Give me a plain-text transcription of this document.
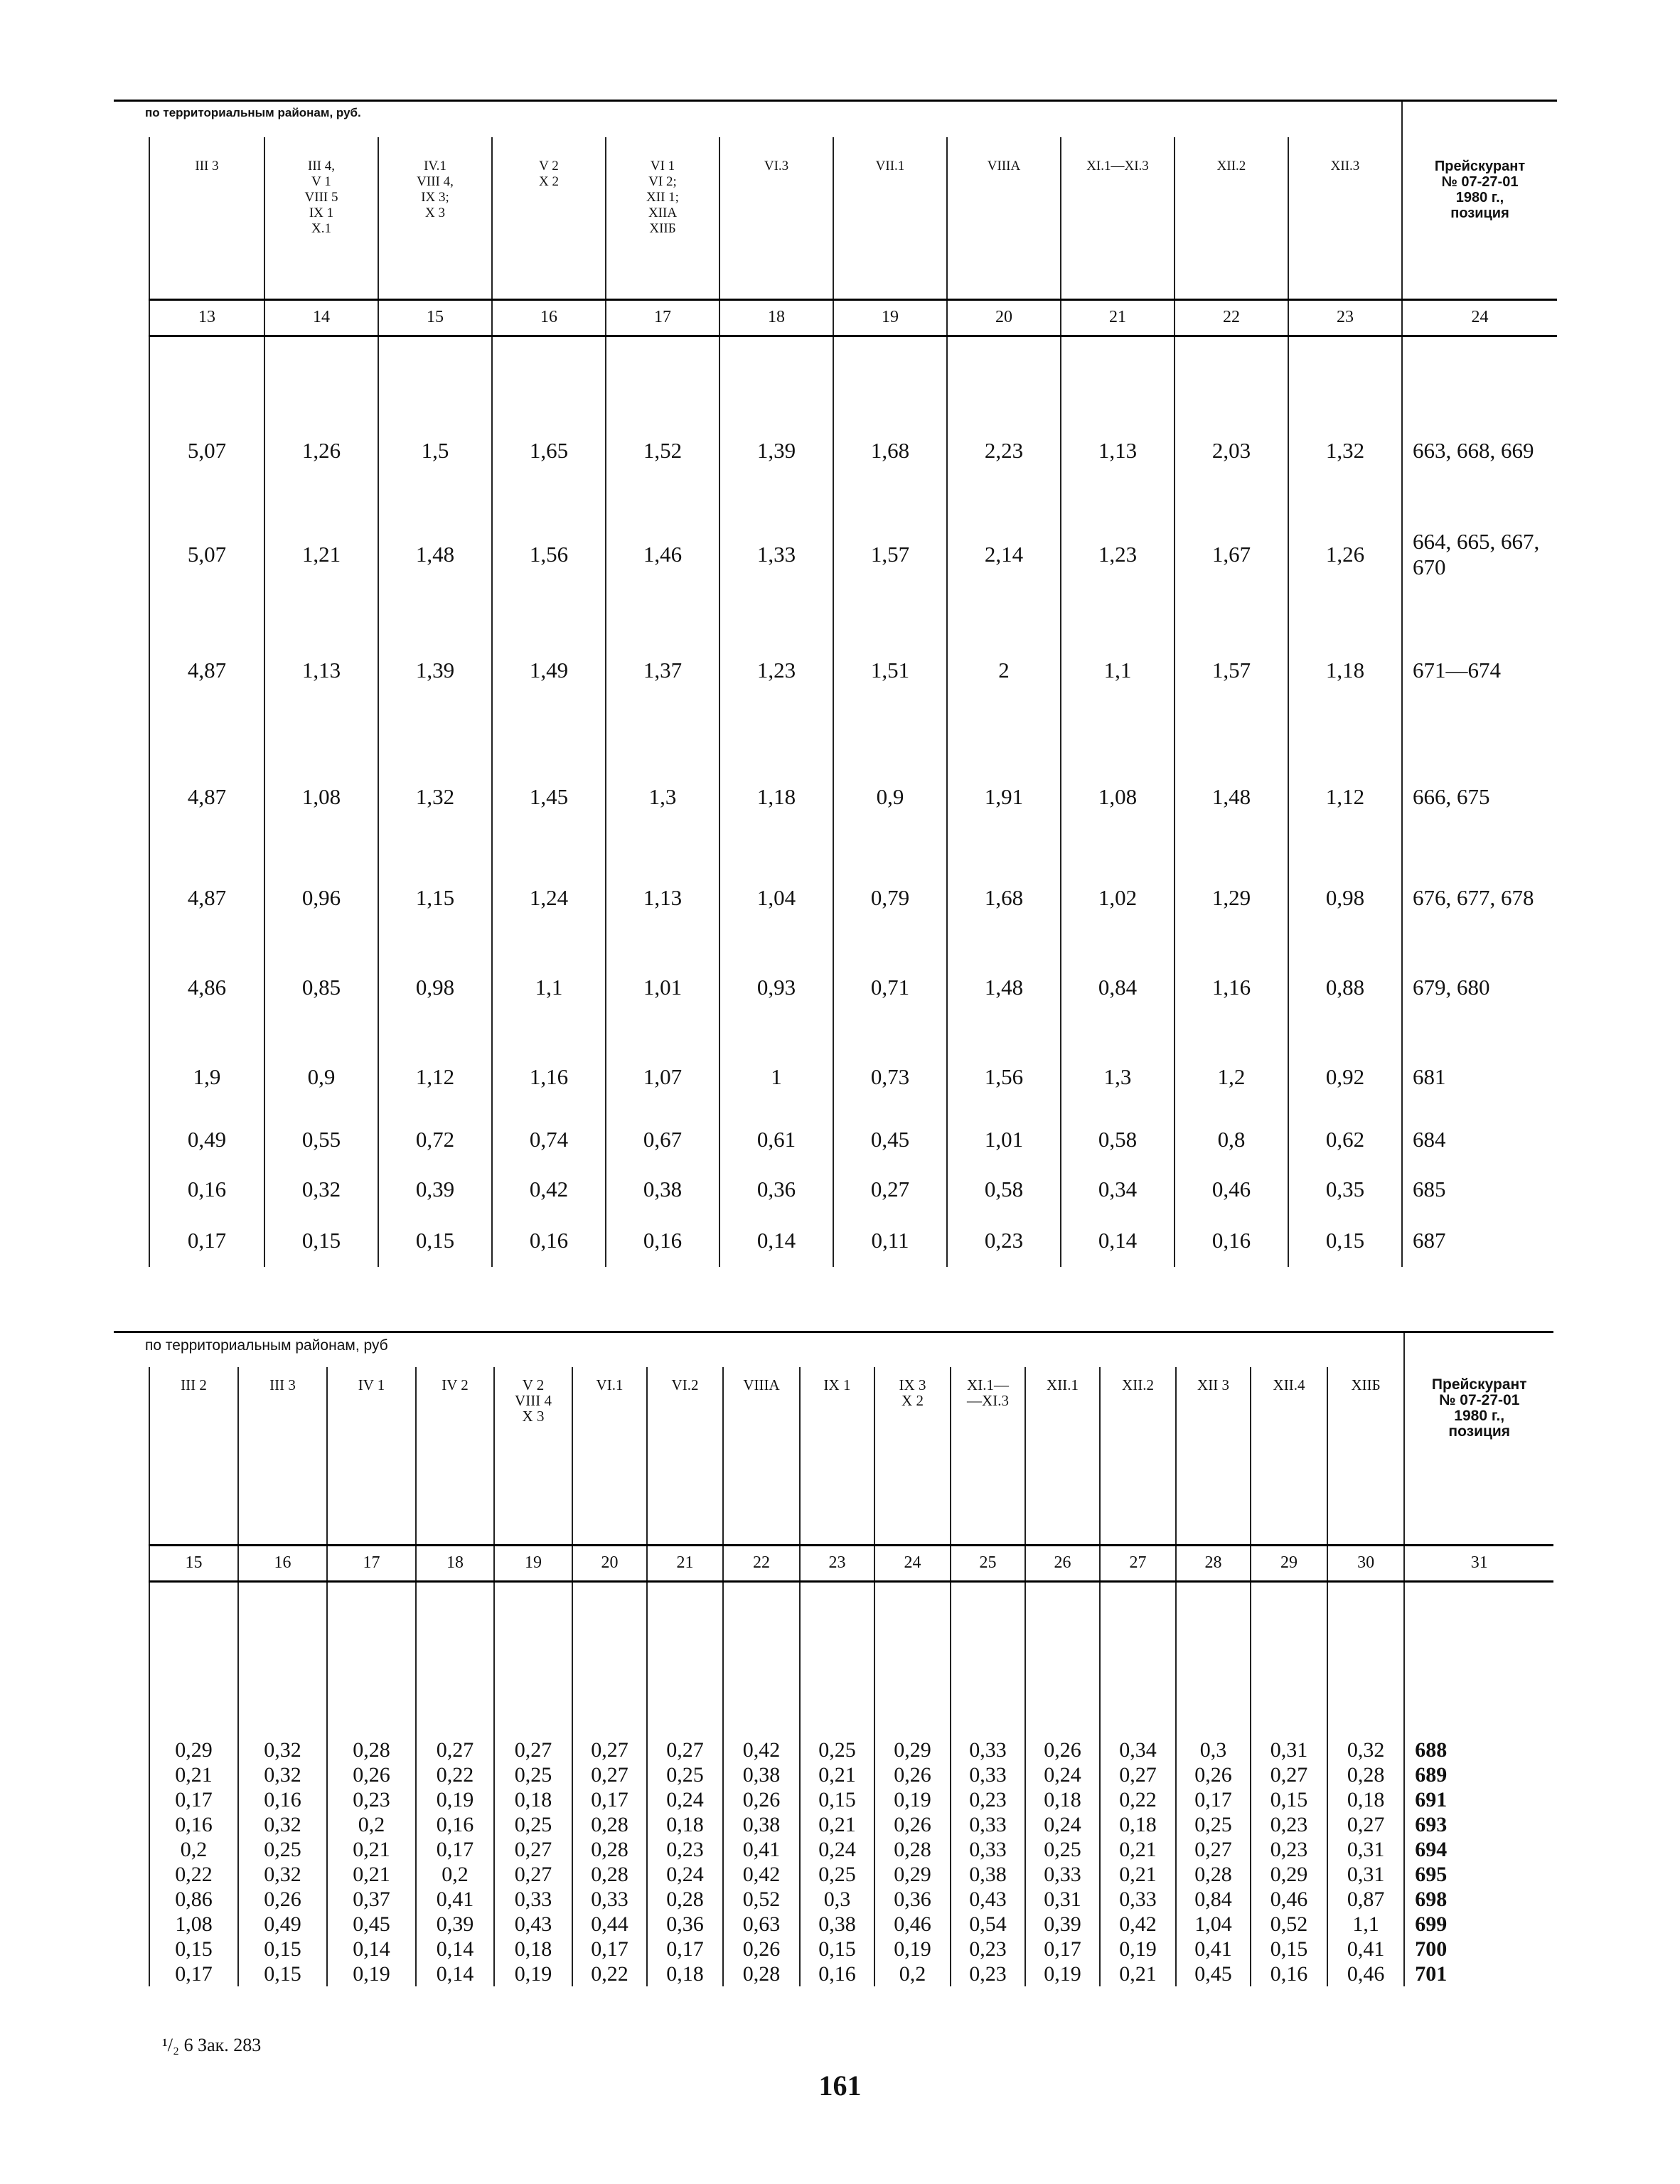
по территориальным районам, руб.												
	III 3	III 4,
V 1
VIII 5
IX 1
X.1	IV.1
VIII 4,
IX 3;
X 3	V 2
X 2	VI 1
VI 2;
XII 1;
XIIA
XIIБ	VI.3	VII.1	VIIIA	XI.1—XI.3	XII.2	XII.3	Прейскурант
№ 07-27-01
1980 г.,
позиция
	13	14	15	16	17	18	19	20	21	22	23	24

	5,07	1,26	1,5	1,65	1,52	1,39	1,68	2,23	1,13	2,03	1,32	663, 668, 669
	5,07	1,21	1,48	1,56	1,46	1,33	1,57	2,14	1,23	1,67	1,26	664, 665, 667, 670
	4,87	1,13	1,39	1,49	1,37	1,23	1,51	2	1,1	1,57	1,18	671—674
	4,87	1,08	1,32	1,45	1,3	1,18	0,9	1,91	1,08	1,48	1,12	666, 675
	4,87	0,96	1,15	1,24	1,13	1,04	0,79	1,68	1,02	1,29	0,98	676, 677, 678
	4,86	0,85	0,98	1,1	1,01	0,93	0,71	1,48	0,84	1,16	0,88	679, 680
	1,9	0,9	1,12	1,16	1,07	1	0,73	1,56	1,3	1,2	0,92	681
	0,49	0,55	0,72	0,74	0,67	0,61	0,45	1,01	0,58	0,8	0,62	684
	0,16	0,32	0,39	0,42	0,38	0,36	0,27	0,58	0,34	0,46	0,35	685
	0,17	0,15	0,15	0,16	0,16	0,14	0,11	0,23	0,14	0,16	0,15	687
по территориальным районам, руб																	
	III 2	III 3	IV 1	IV 2	V 2
VIII 4
X 3	VI.1	VI.2	VIIIA	IX 1	IX 3
X 2	XI.1—
—XI.3	XII.1	XII.2	XII 3	XII.4	XIIБ	Прейскурант
№ 07-27-01
1980 г.,
позиция
	15	16	17	18	19	20	21	22	23	24	25	26	27	28	29	30	31

	0,29	0,32	0,28	0,27	0,27	0,27	0,27	0,42	0,25	0,29	0,33	0,26	0,34	0,3	0,31	0,32	688
	0,21	0,32	0,26	0,22	0,25	0,27	0,25	0,38	0,21	0,26	0,33	0,24	0,27	0,26	0,27	0,28	689
	0,17	0,16	0,23	0,19	0,18	0,17	0,24	0,26	0,15	0,19	0,23	0,18	0,22	0,17	0,15	0,18	691
	0,16	0,32	0,2	0,16	0,25	0,28	0,18	0,38	0,21	0,26	0,33	0,24	0,18	0,25	0,23	0,27	693
	0,2	0,25	0,21	0,17	0,27	0,28	0,23	0,41	0,24	0,28	0,33	0,25	0,21	0,27	0,23	0,31	694
	0,22	0,32	0,21	0,2	0,27	0,28	0,24	0,42	0,25	0,29	0,38	0,33	0,21	0,28	0,29	0,31	695
	0,86	0,26	0,37	0,41	0,33	0,33	0,28	0,52	0,3	0,36	0,43	0,31	0,33	0,84	0,46	0,87	698
	1,08	0,49	0,45	0,39	0,43	0,44	0,36	0,63	0,38	0,46	0,54	0,39	0,42	1,04	0,52	1,1	699
	0,15	0,15	0,14	0,14	0,18	0,17	0,17	0,26	0,15	0,19	0,23	0,17	0,19	0,41	0,15	0,41	700
	0,17	0,15	0,19	0,14	0,19	0,22	0,18	0,28	0,16	0,2	0,23	0,19	0,21	0,45	0,16	0,46	701
¹/₂ 6 Зак. 283
161
